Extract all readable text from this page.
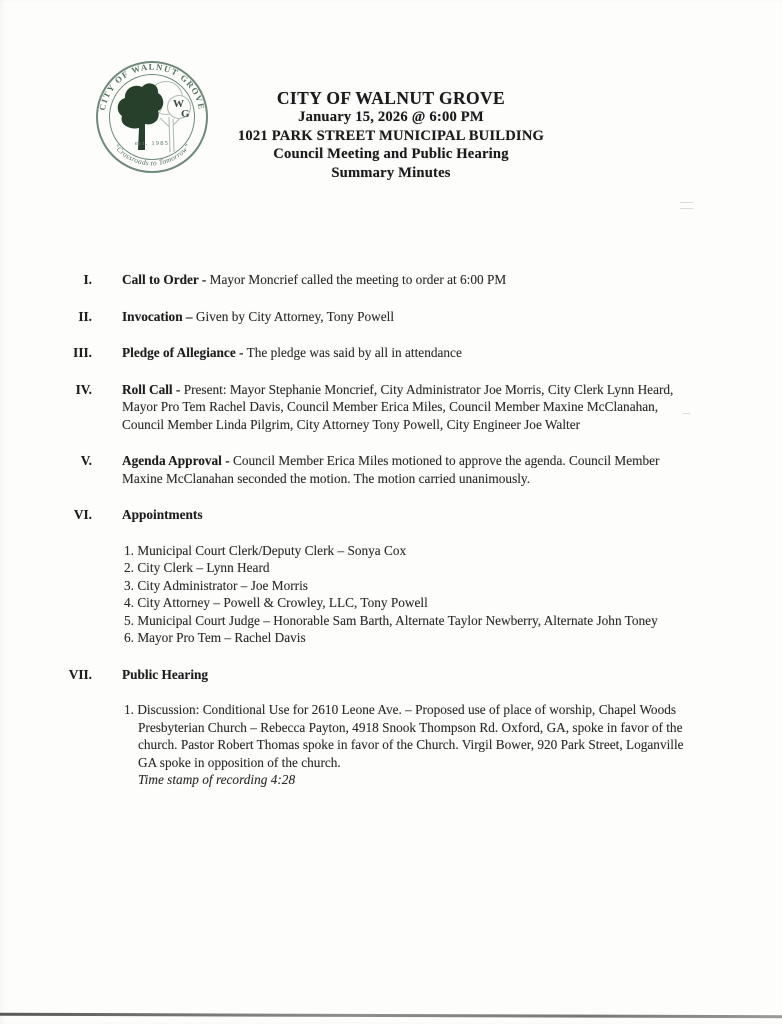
CITY OF WALNUT GROVE
W
G
est. 1985
“Crossroads to Tomorrow”
CITY OF WALNUT GROVE
January 15, 2026 @ 6:00 PM
1021 PARK STREET MUNICIPAL BUILDING
Council Meeting and Public Hearing
Summary Minutes
I. Call to Order - Mayor Moncrief called the meeting to order at 6:00 PM
II. Invocation – Given by City Attorney, Tony Powell
III. Pledge of Allegiance - The pledge was said by all in attendance
IV. Roll Call - Present: Mayor Stephanie Moncrief, City Administrator Joe Morris, City Clerk Lynn Heard, Mayor Pro Tem Rachel Davis, Council Member Erica Miles, Council Member Maxine McClanahan, Council Member Linda Pilgrim, City Attorney Tony Powell, City Engineer Joe Walter
V. Agenda Approval - Council Member Erica Miles motioned to approve the agenda. Council Member Maxine McClanahan seconded the motion. The motion carried unanimously.
VI. Appointments
1. Municipal Court Clerk/Deputy Clerk – Sonya Cox
2. City Clerk – Lynn Heard
3. City Administrator – Joe Morris
4. City Attorney – Powell & Crowley, LLC, Tony Powell
5. Municipal Court Judge – Honorable Sam Barth, Alternate Taylor Newberry, Alternate John Toney
6. Mayor Pro Tem – Rachel Davis
VII. Public Hearing
1. Discussion: Conditional Use for 2610 Leone Ave. – Proposed use of place of worship, Chapel Woods Presbyterian Church – Rebecca Payton, 4918 Snook Thompson Rd. Oxford, GA, spoke in favor of the church. Pastor Robert Thomas spoke in favor of the Church. Virgil Bower, 920 Park Street, Loganville GA spoke in opposition of the church.
Time stamp of recording 4:28
